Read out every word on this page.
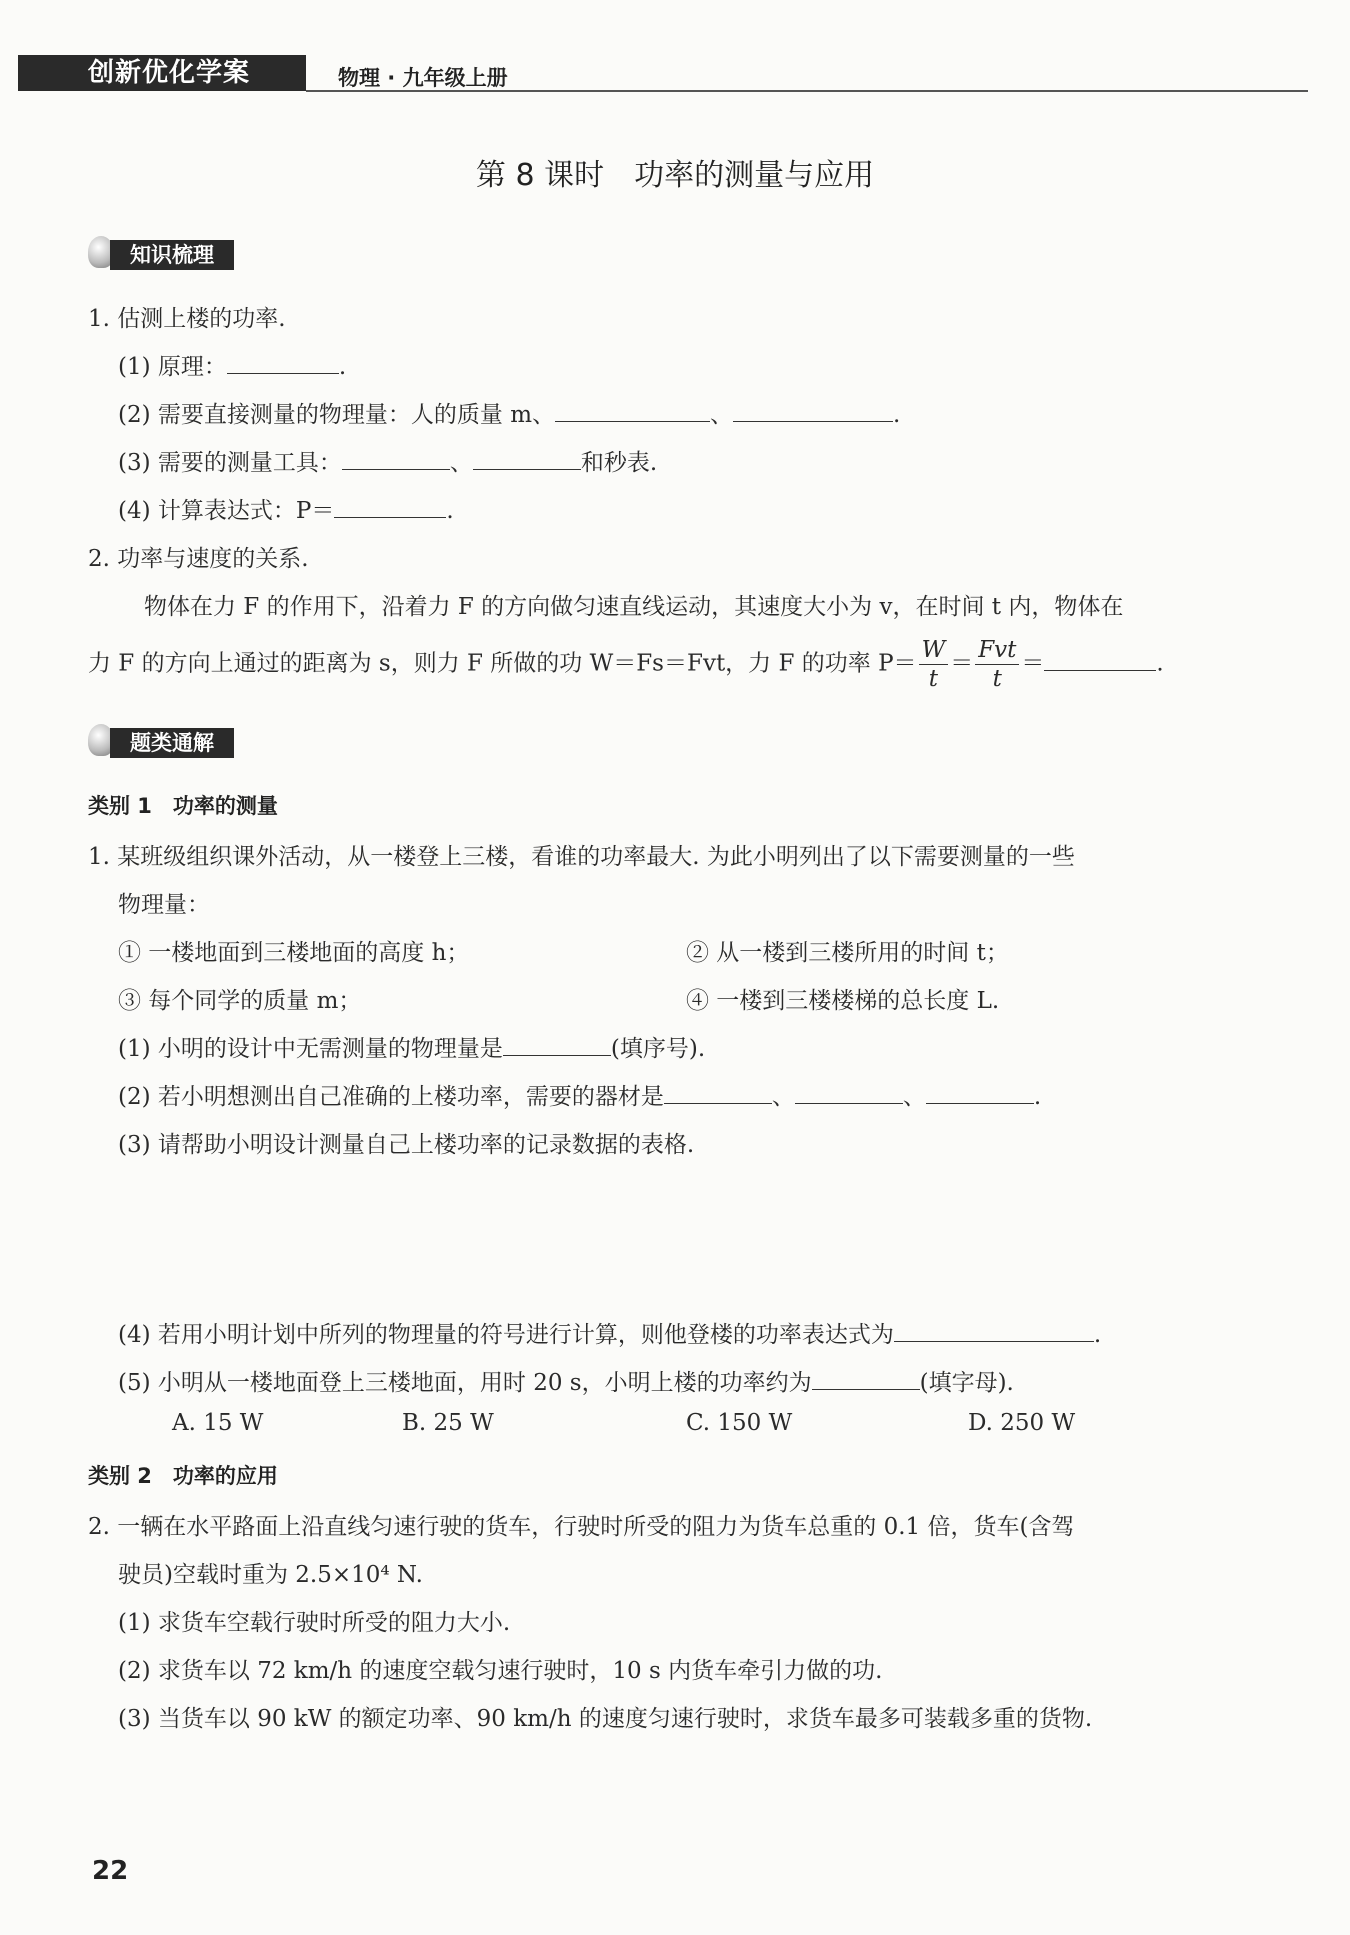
创新优化学案	物理 · 九年级上册
第 8 课时　功率的测量与应用
知识梳理
1. 估测上楼的功率.
(1) 原理：	.
(2) 需要直接测量的物理量：人的质量 m、	、	.
(3) 需要的测量工具：	、	和秒表.
(4) 计算表达式：P＝	.
2. 功率与速度的关系.
物体在力 F 的作用下，沿着力 F 的方向做匀速直线运动，其速度大小为 v，在时间 t 内，物体在
力 F 的方向上通过的距离为 s，则力 F 所做的功 W＝Fs＝Fvt，力 F 的功率 $P= \frac{W}{t} = \frac{\text{Fvt}}{t}$ ＝	.
题类通解
类别 1　功率的测量
1. 某班级组织课外活动，从一楼登上三楼，看谁的功率最大. 为此小明列出了以下需要测量的一些
物理量：
① 一楼地面到三楼地面的高度 h；	② 从一楼到三楼所用的时间 t；
③ 每个同学的质量 m；	④ 一楼到三楼楼梯的总长度 L.
(1) 小明的设计中无需测量的物理量是	(填序号).
(2) 若小明想测出自己准确的上楼功率，需要的器材是	、	、	.
(3) 请帮助小明设计测量自己上楼功率的记录数据的表格.
(4) 若用小明计划中所列的物理量的符号进行计算，则他登楼的功率表达式为	.
(5) 小明从一楼地面登上三楼地面，用时 20 s，小明上楼的功率约为	(填字母).
A. 15 W	B. 25 W	C. 150 W	D. 250 W
类别 2　功率的应用
2. 一辆在水平路面上沿直线匀速行驶的货车，行驶时所受的阻力为货车总重的 0.1 倍，货车(含驾
驶员)空载时重为 2.5×10⁴ N.
(1) 求货车空载行驶时所受的阻力大小.
(2) 求货车以 72 km/h 的速度空载匀速行驶时，10 s 内货车牵引力做的功.
(3) 当货车以 90 kW 的额定功率、90 km/h 的速度匀速行驶时，求货车最多可装载多重的货物.
22
